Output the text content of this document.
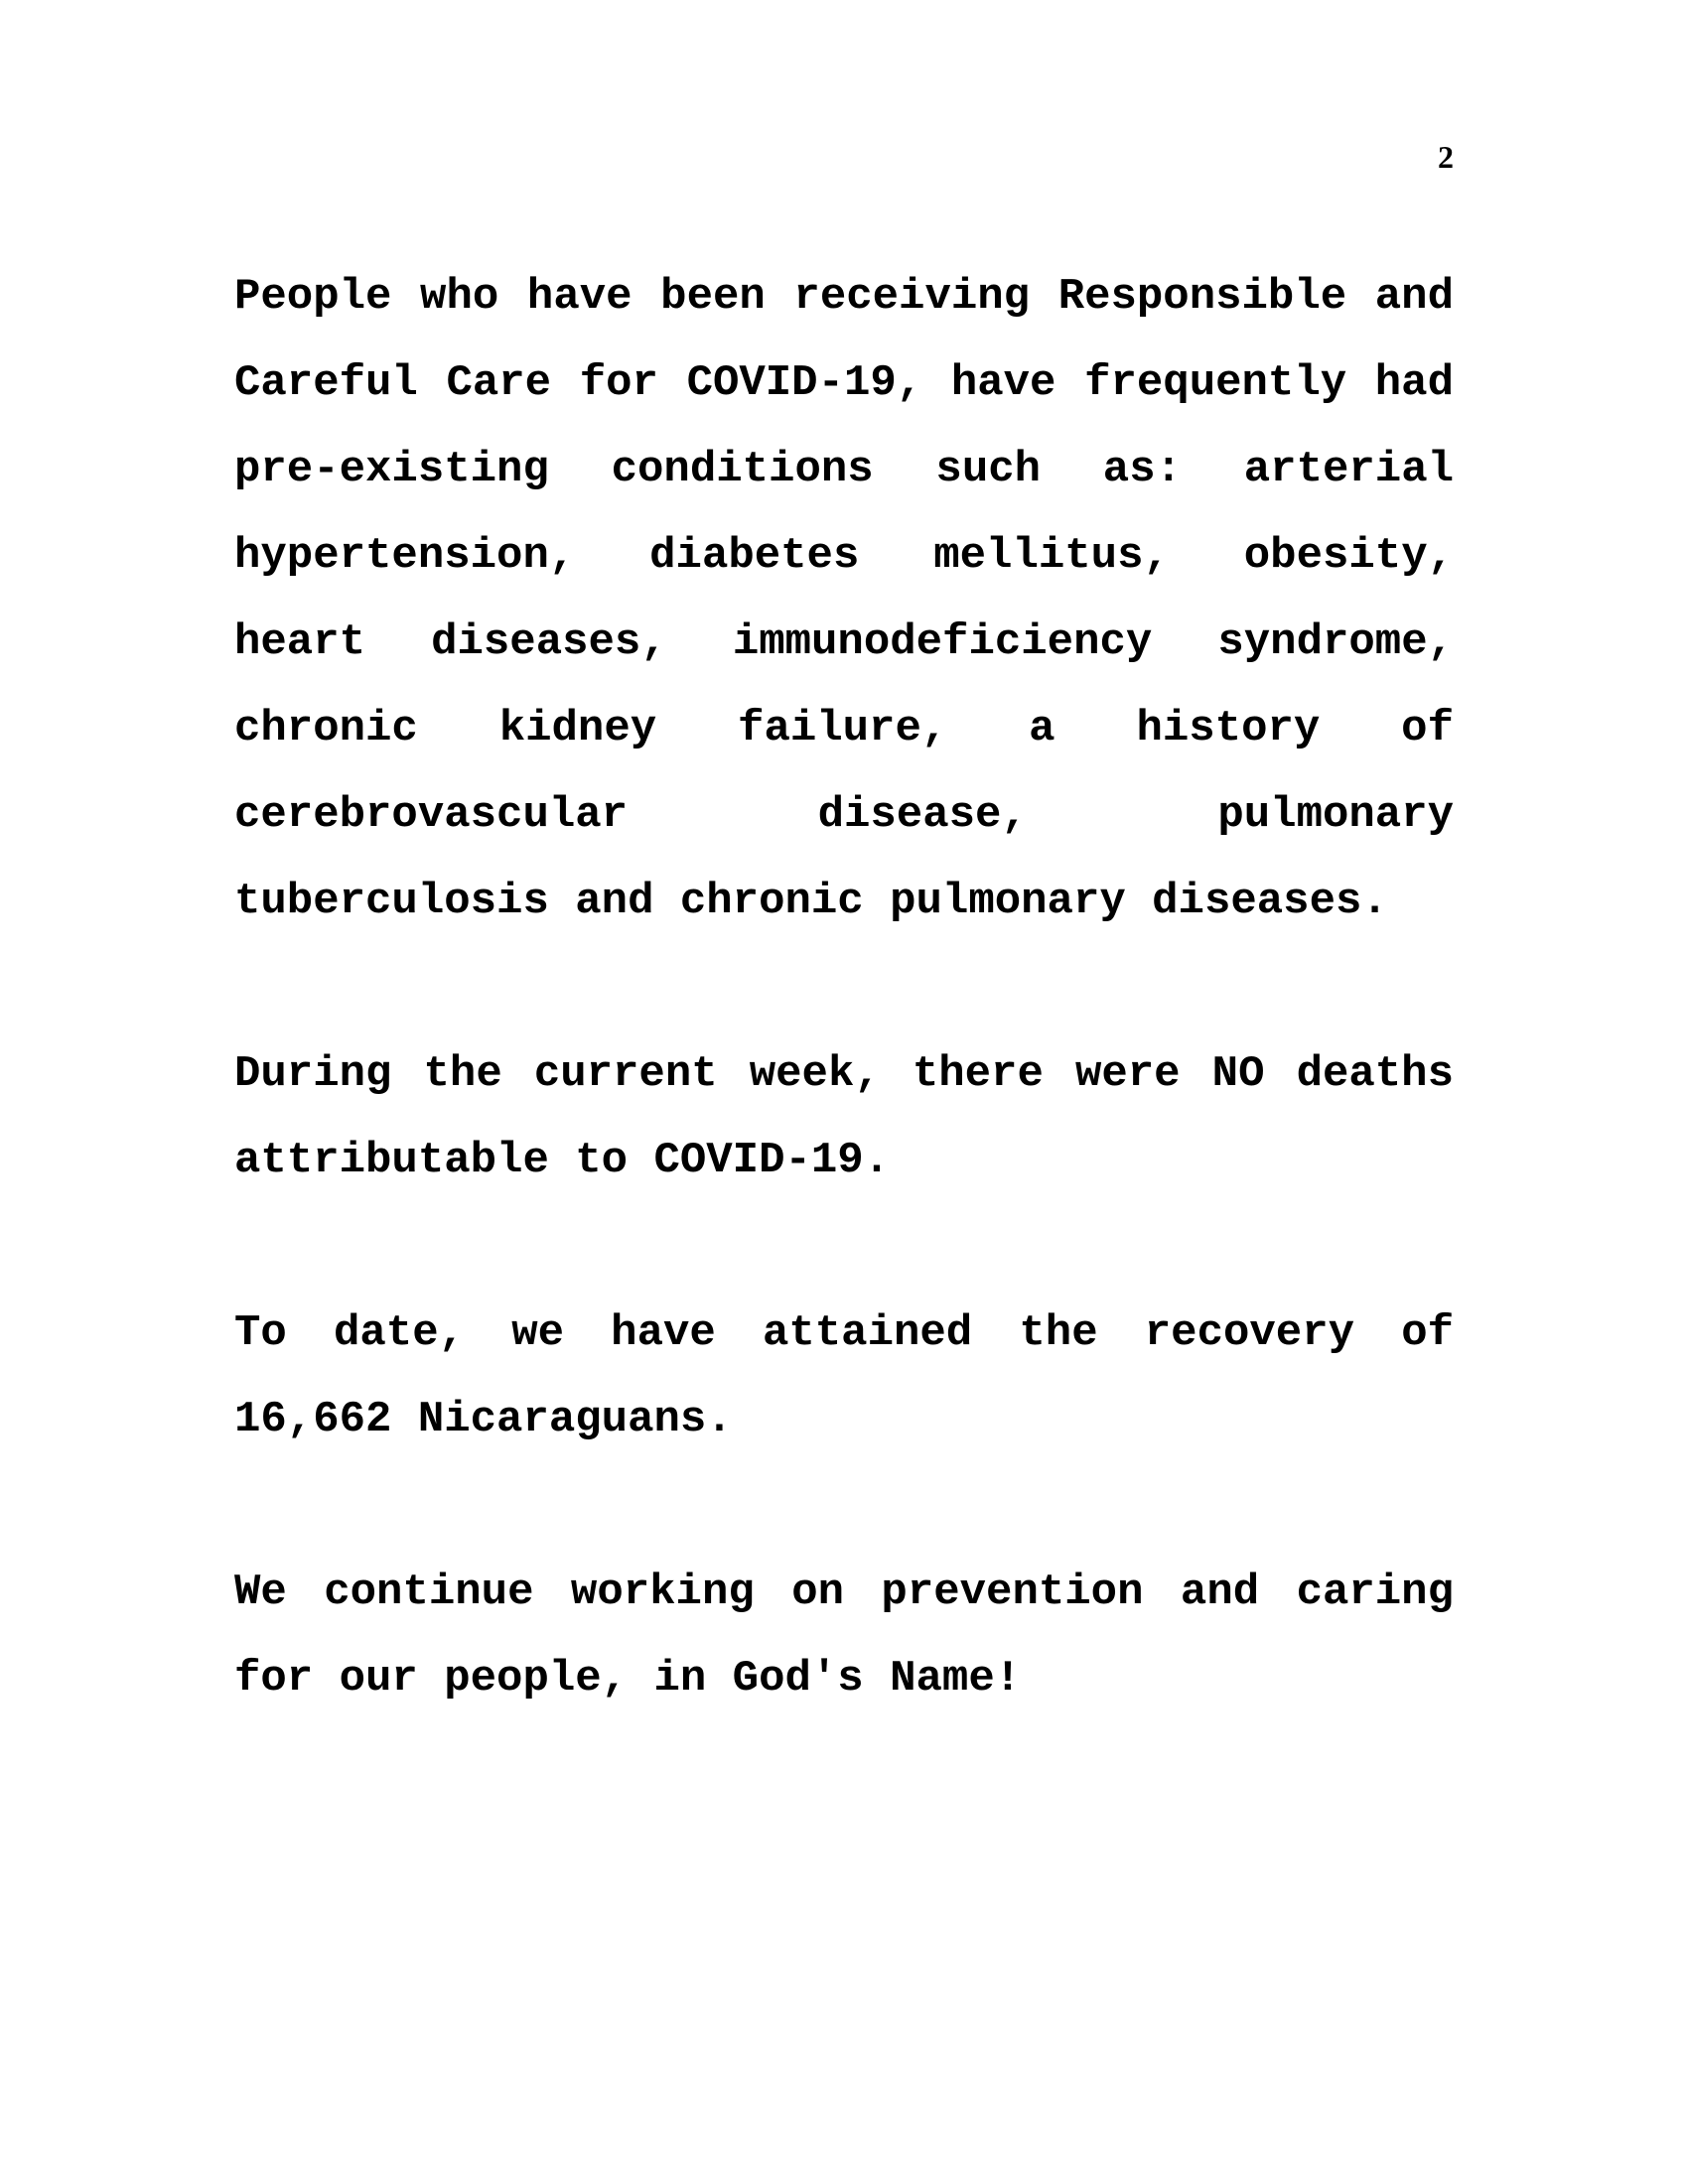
2

People who have been receiving Responsible and Careful Care for COVID-19, have frequently had pre-existing conditions such as: arterial hypertension, diabetes mellitus, obesity, heart diseases, immunodeficiency syndrome, chronic kidney failure, a history of cerebrovascular disease, pulmonary tuberculosis and chronic pulmonary diseases.

During the current week, there were NO deaths attributable to COVID-19.

To date, we have attained the recovery of 16,662 Nicaraguans.

We continue working on prevention and caring for our people, in God's Name!
